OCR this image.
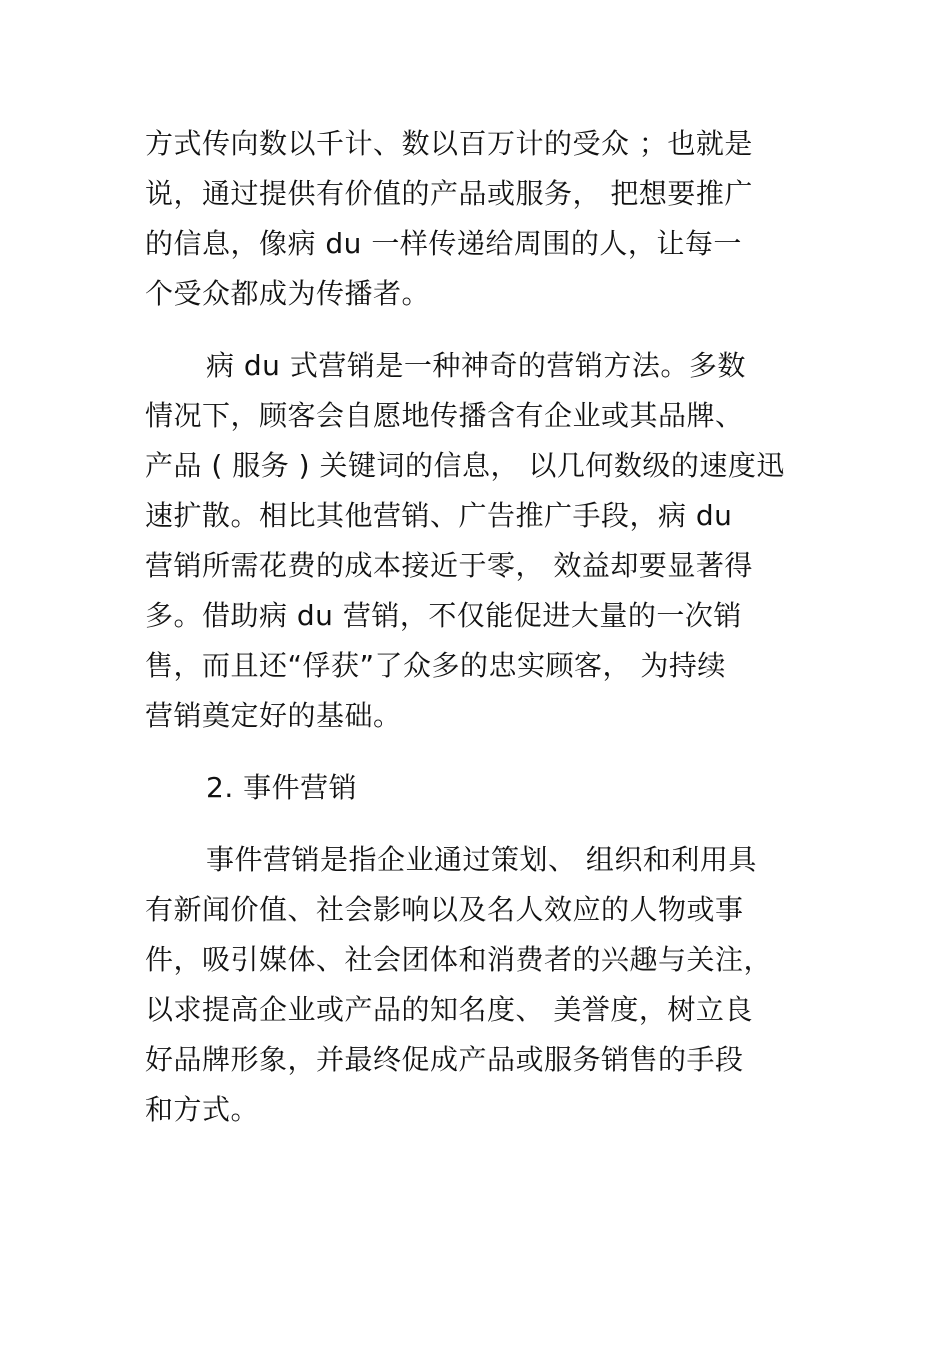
方式传向数以千计、数以百万计的受众 ；也就是
说，通过提供有价值的产品或服务， 把想要推广
的信息，像病 du 一样传递给周围的人，让每一
个受众都成为传播者。
病 du 式营销是一种神奇的营销方法。多数
情况下，顾客会自愿地传播含有企业或其品牌、
产品 ( 服务 ) 关键词的信息， 以几何数级的速度迅
速扩散。相比其他营销、广告推广手段，病 du
营销所需花费的成本接近于零， 效益却要显著得
多。借助病 du 营销，不仅能促进大量的一次销
售，而且还“俘获”了众多的忠实顾客， 为持续
营销奠定好的基础。
2. 事件营销
事件营销是指企业通过策划、 组织和利用具
有新闻价值、社会影响以及名人效应的人物或事
件，吸引媒体、社会团体和消费者的兴趣与关注，
以求提高企业或产品的知名度、 美誉度，树立良
好品牌形象，并最终促成产品或服务销售的手段
和方式。
